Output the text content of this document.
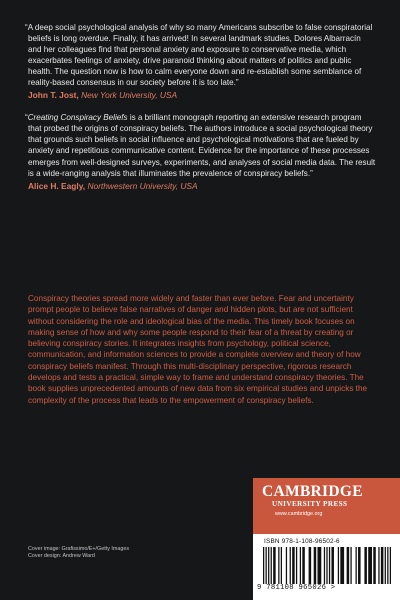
“A deep social psychological analysis of why so many Americans subscribe to false conspiratorial beliefs is long overdue. Finally, it has arrived! In several landmark studies, Dolores Albarracín and her colleagues find that personal anxiety and exposure to conservative media, which exacerbates feelings of anxiety, drive paranoid thinking about matters of politics and public health. The question now is how to calm everyone down and re-establish some semblance of reality-based consensus in our society before it is too late.”

John T. Jost, New York University, USA

“Creating Conspiracy Beliefs is a brilliant monograph reporting an extensive research program that probed the origins of conspiracy beliefs. The authors introduce a social psychological theory that grounds such beliefs in social influence and psychological motivations that are fueled by anxiety and repetitious communicative content. Evidence for the importance of these processes emerges from well-designed surveys, experiments, and analyses of social media data. The result is a wide-ranging analysis that illuminates the prevalence of conspiracy beliefs.”

Alice H. Eagly, Northwestern University, USA

Conspiracy theories spread more widely and faster than ever before. Fear and uncertainty prompt people to believe false narratives of danger and hidden plots, but are not sufficient without considering the role and ideological bias of the media. This timely book focuses on making sense of how and why some people respond to their fear of a threat by creating or believing conspiracy stories. It integrates insights from psychology, political science, communication, and information sciences to provide a complete overview and theory of how conspiracy beliefs manifest. Through this multi-disciplinary perspective, rigorous research develops and tests a practical, simple way to frame and understand conspiracy theories. The book supplies unprecedented amounts of new data from six empirical studies and unpicks the complexity of the process that leads to the empowerment of conspiracy beliefs.

Cover image: Grafissimo/E+/Getty Images
Cover design: Andrew Ward
CAMBRIDGE
UNIVERSITY PRESS
www.cambridge.org
ISBN 978-1-108-96502-6
9 781108 965026 >
